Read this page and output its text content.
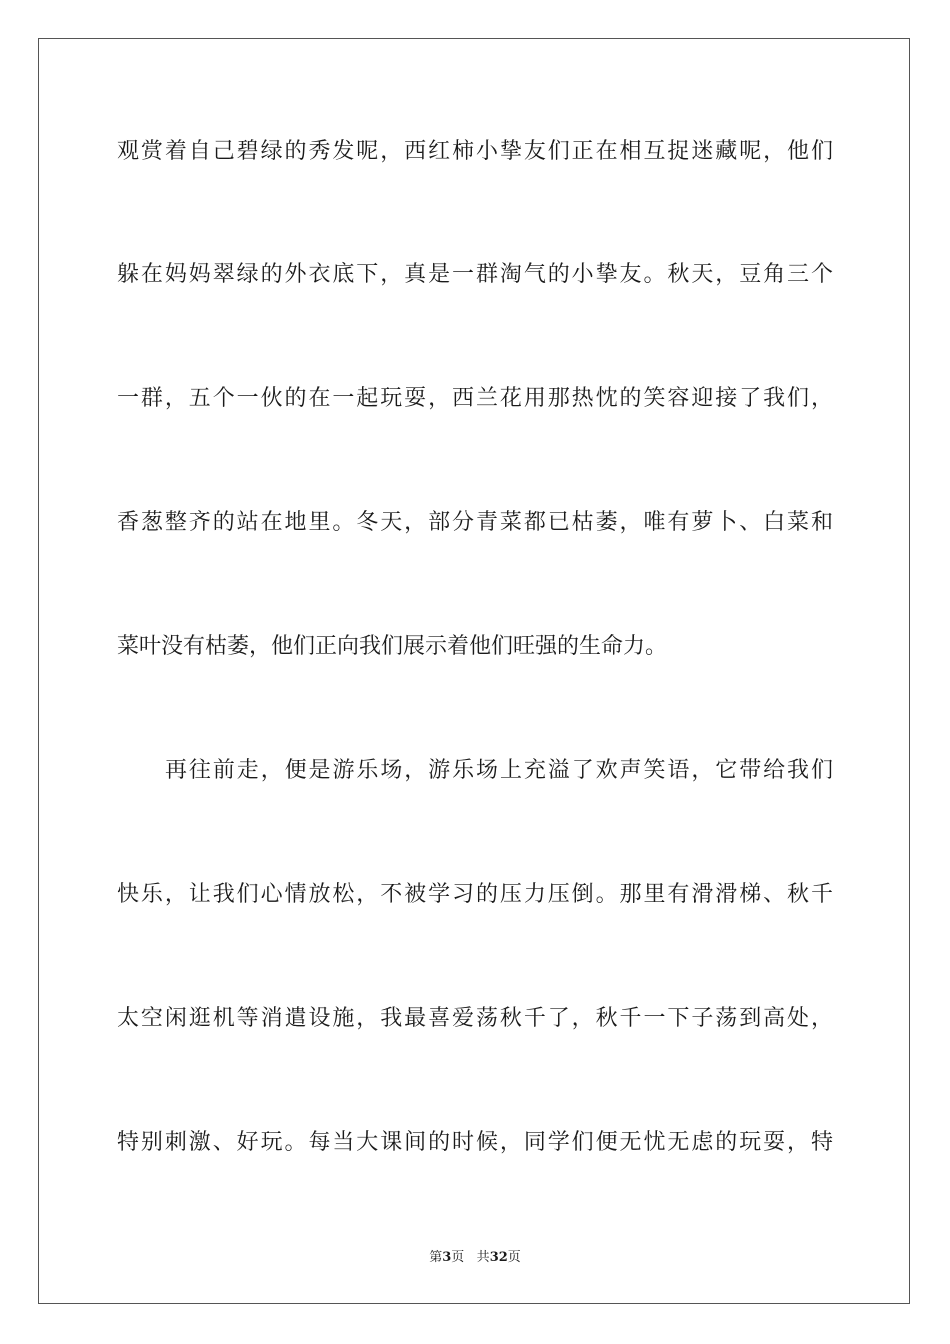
观赏着自己碧绿的秀发呢，西红柿小挚友们正在相互捉迷藏呢，他们
躲在妈妈翠绿的外衣底下，真是一群淘气的小挚友。秋天，豆角三个
一群，五个一伙的在一起玩耍，西兰花用那热忱的笑容迎接了我们，
香葱整齐的站在地里。冬天，部分青菜都已枯萎，唯有萝卜、白菜和
菜叶没有枯萎，他们正向我们展示着他们旺强的生命力。
再往前走，便是游乐场，游乐场上充溢了欢声笑语，它带给我们
快乐，让我们心情放松，不被学习的压力压倒。那里有滑滑梯、秋千
太空闲逛机等消遣设施，我最喜爱荡秋千了，秋千一下子荡到高处，
特别刺激、好玩。每当大课间的时候，同学们便无忧无虑的玩耍，特
第3页 共32页
